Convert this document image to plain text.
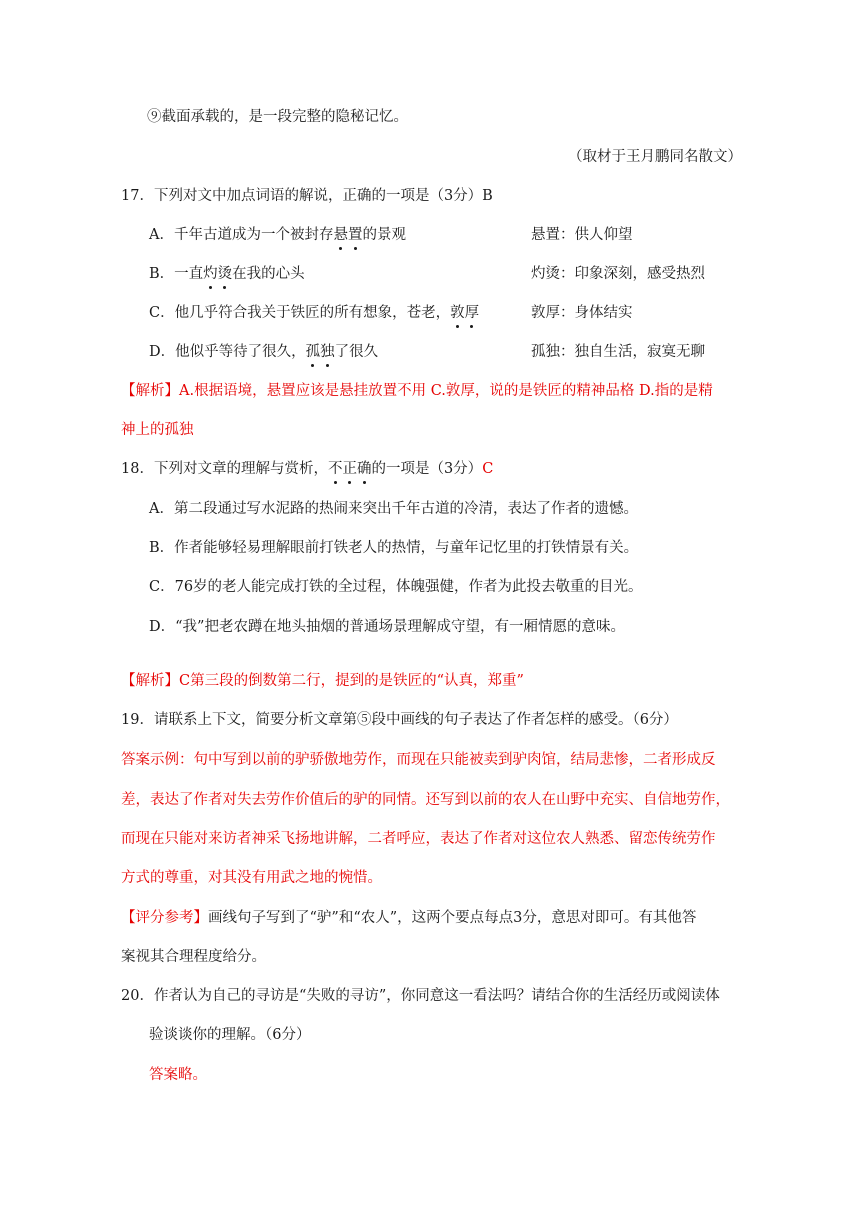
⑨截面承载的，是一段完整的隐秘记忆。
（取材于王月鹏同名散文）
17．下列对文中加点词语的解说，正确的一项是（3分）B
A．千年古道成为一个被封存悬置的景观	悬置：供人仰望
B．一直灼烫在我的心头	灼烫：印象深刻，感受热烈
C．他几乎符合我关于铁匠的所有想象，苍老，敦厚	敦厚：身体结实
D．他似乎等待了很久，孤独了很久	孤独：独自生活，寂寞无聊
【解析】A.根据语境，悬置应该是悬挂放置不用 C.敦厚，说的是铁匠的精神品格 D.指的是精
神上的孤独
18．下列对文章的理解与赏析，不正确的一项是（3分）C
A．第二段通过写水泥路的热闹来突出千年古道的冷清，表达了作者的遗憾。
B．作者能够轻易理解眼前打铁老人的热情，与童年记忆里的打铁情景有关。
C．76岁的老人能完成打铁的全过程，体魄强健，作者为此投去敬重的目光。
D．“我”把老农蹲在地头抽烟的普通场景理解成守望，有一厢情愿的意味。
【解析】C第三段的倒数第二行，提到的是铁匠的“认真，郑重”
19．请联系上下文，简要分析文章第⑤段中画线的句子表达了作者怎样的感受。（6分）
答案示例：句中写到以前的驴骄傲地劳作，而现在只能被卖到驴肉馆，结局悲惨，二者形成反
差，表达了作者对失去劳作价值后的驴的同情。还写到以前的农人在山野中充实、自信地劳作，
而现在只能对来访者神采飞扬地讲解，二者呼应，表达了作者对这位农人熟悉、留恋传统劳作
方式的尊重，对其没有用武之地的惋惜。
【评分参考】画线句子写到了“驴”和“农人”，这两个要点每点3分，意思对即可。有其他答
案视其合理程度给分。
20．作者认为自己的寻访是“失败的寻访”，你同意这一看法吗？请结合你的生活经历或阅读体
验谈谈你的理解。（6分）
答案略。
